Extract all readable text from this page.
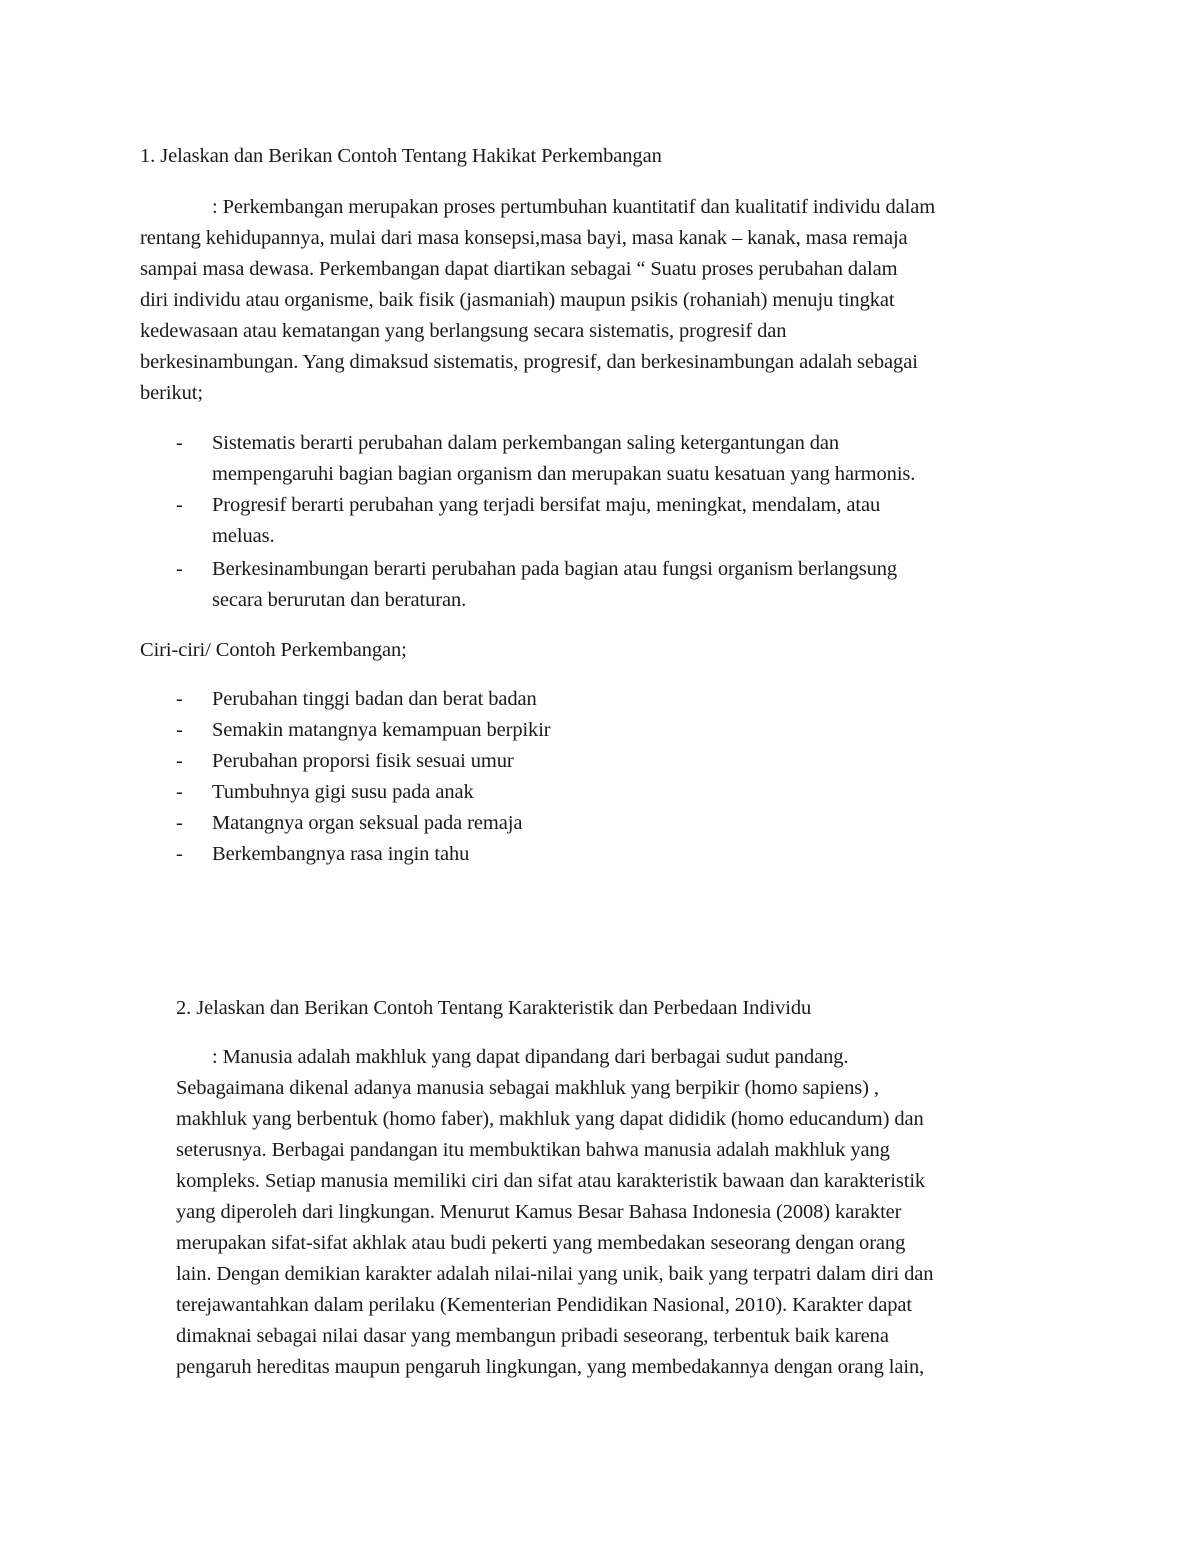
1. Jelaskan dan Berikan Contoh Tentang Hakikat Perkembangan
: Perkembangan merupakan proses pertumbuhan kuantitatif dan kualitatif individu dalam
rentang kehidupannya, mulai dari masa konsepsi,masa bayi, masa kanak – kanak, masa remaja
sampai masa dewasa. Perkembangan dapat diartikan sebagai “ Suatu proses perubahan dalam
diri individu atau organisme, baik fisik (jasmaniah) maupun psikis (rohaniah) menuju tingkat
kedewasaan atau kematangan yang berlangsung secara sistematis, progresif dan
berkesinambungan. Yang dimaksud sistematis, progresif, dan berkesinambungan adalah sebagai
berikut;
- Sistematis berarti perubahan dalam perkembangan saling ketergantungan dan
mempengaruhi bagian bagian organism dan merupakan suatu kesatuan yang harmonis.
- Progresif berarti perubahan yang terjadi bersifat maju, meningkat, mendalam, atau
meluas.
- Berkesinambungan berarti perubahan pada bagian atau fungsi organism berlangsung
secara berurutan dan beraturan.
Ciri-ciri/ Contoh Perkembangan;
- Perubahan tinggi badan dan berat badan
- Semakin matangnya kemampuan berpikir
- Perubahan proporsi fisik sesuai umur
- Tumbuhnya gigi susu pada anak
- Matangnya organ seksual pada remaja
- Berkembangnya rasa ingin tahu
2. Jelaskan dan Berikan Contoh Tentang Karakteristik dan Perbedaan Individu
: Manusia adalah makhluk yang dapat dipandang dari berbagai sudut pandang.
Sebagaimana dikenal adanya manusia sebagai makhluk yang berpikir (homo sapiens) ,
makhluk yang berbentuk (homo faber), makhluk yang dapat dididik (homo educandum) dan
seterusnya. Berbagai pandangan itu membuktikan bahwa manusia adalah makhluk yang
kompleks. Setiap manusia memiliki ciri dan sifat atau karakteristik bawaan dan karakteristik
yang diperoleh dari lingkungan. Menurut Kamus Besar Bahasa Indonesia (2008) karakter
merupakan sifat-sifat akhlak atau budi pekerti yang membedakan seseorang dengan orang
lain. Dengan demikian karakter adalah nilai-nilai yang unik, baik yang terpatri dalam diri dan
terejawantahkan dalam perilaku (Kementerian Pendidikan Nasional, 2010). Karakter dapat
dimaknai sebagai nilai dasar yang membangun pribadi seseorang, terbentuk baik karena
pengaruh hereditas maupun pengaruh lingkungan, yang membedakannya dengan orang lain,
